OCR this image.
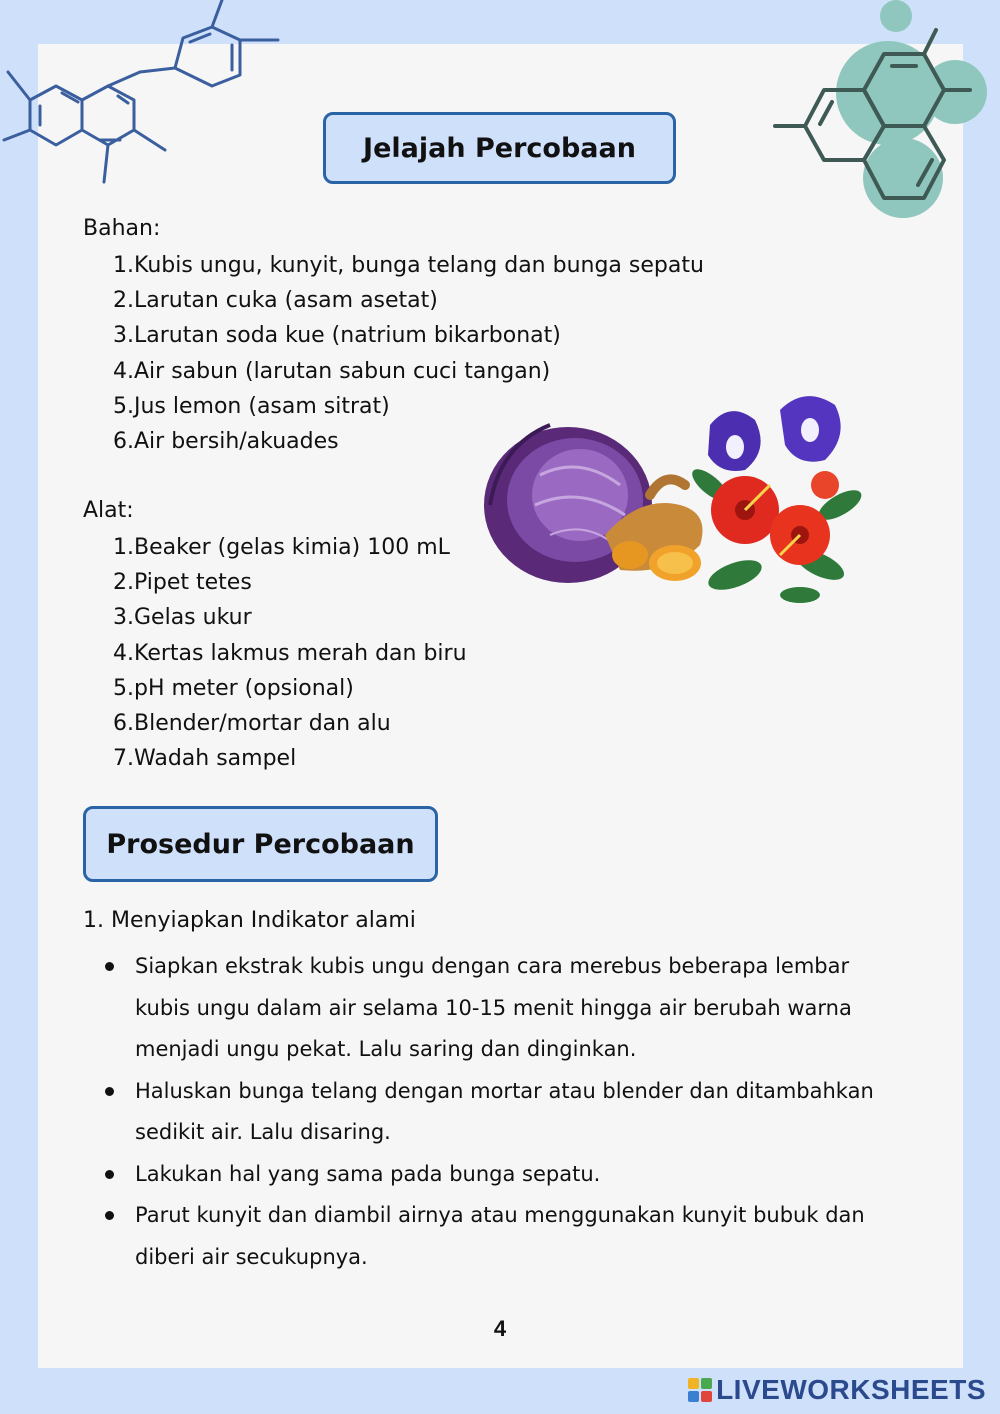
Jelajah Percobaan
Bahan:
1.Kubis ungu, kunyit, bunga telang dan bunga sepatu
2.Larutan cuka (asam asetat)
3.Larutan soda kue (natrium bikarbonat)
4.Air sabun (larutan sabun cuci tangan)
5.Jus lemon (asam sitrat)
6.Air bersih/akuades
Alat:
1.Beaker (gelas kimia) 100 mL
2.Pipet tetes
3.Gelas ukur
4.Kertas lakmus merah dan biru
5.pH meter (opsional)
6.Blender/mortar dan alu
7.Wadah sampel
Prosedur Percobaan
1. Menyiapkan Indikator alami
Siapkan ekstrak kubis ungu dengan cara merebus beberapa lembar kubis ungu dalam air selama 10-15 menit hingga air berubah warna menjadi ungu pekat. Lalu saring dan dinginkan.
Haluskan bunga telang dengan mortar atau blender dan ditambahkan sedikit air. Lalu disaring.
Lakukan hal yang sama pada bunga sepatu.
Parut kunyit dan diambil airnya atau menggunakan kunyit bubuk dan diberi air secukupnya.
4
LIVEWORKSHEETS
